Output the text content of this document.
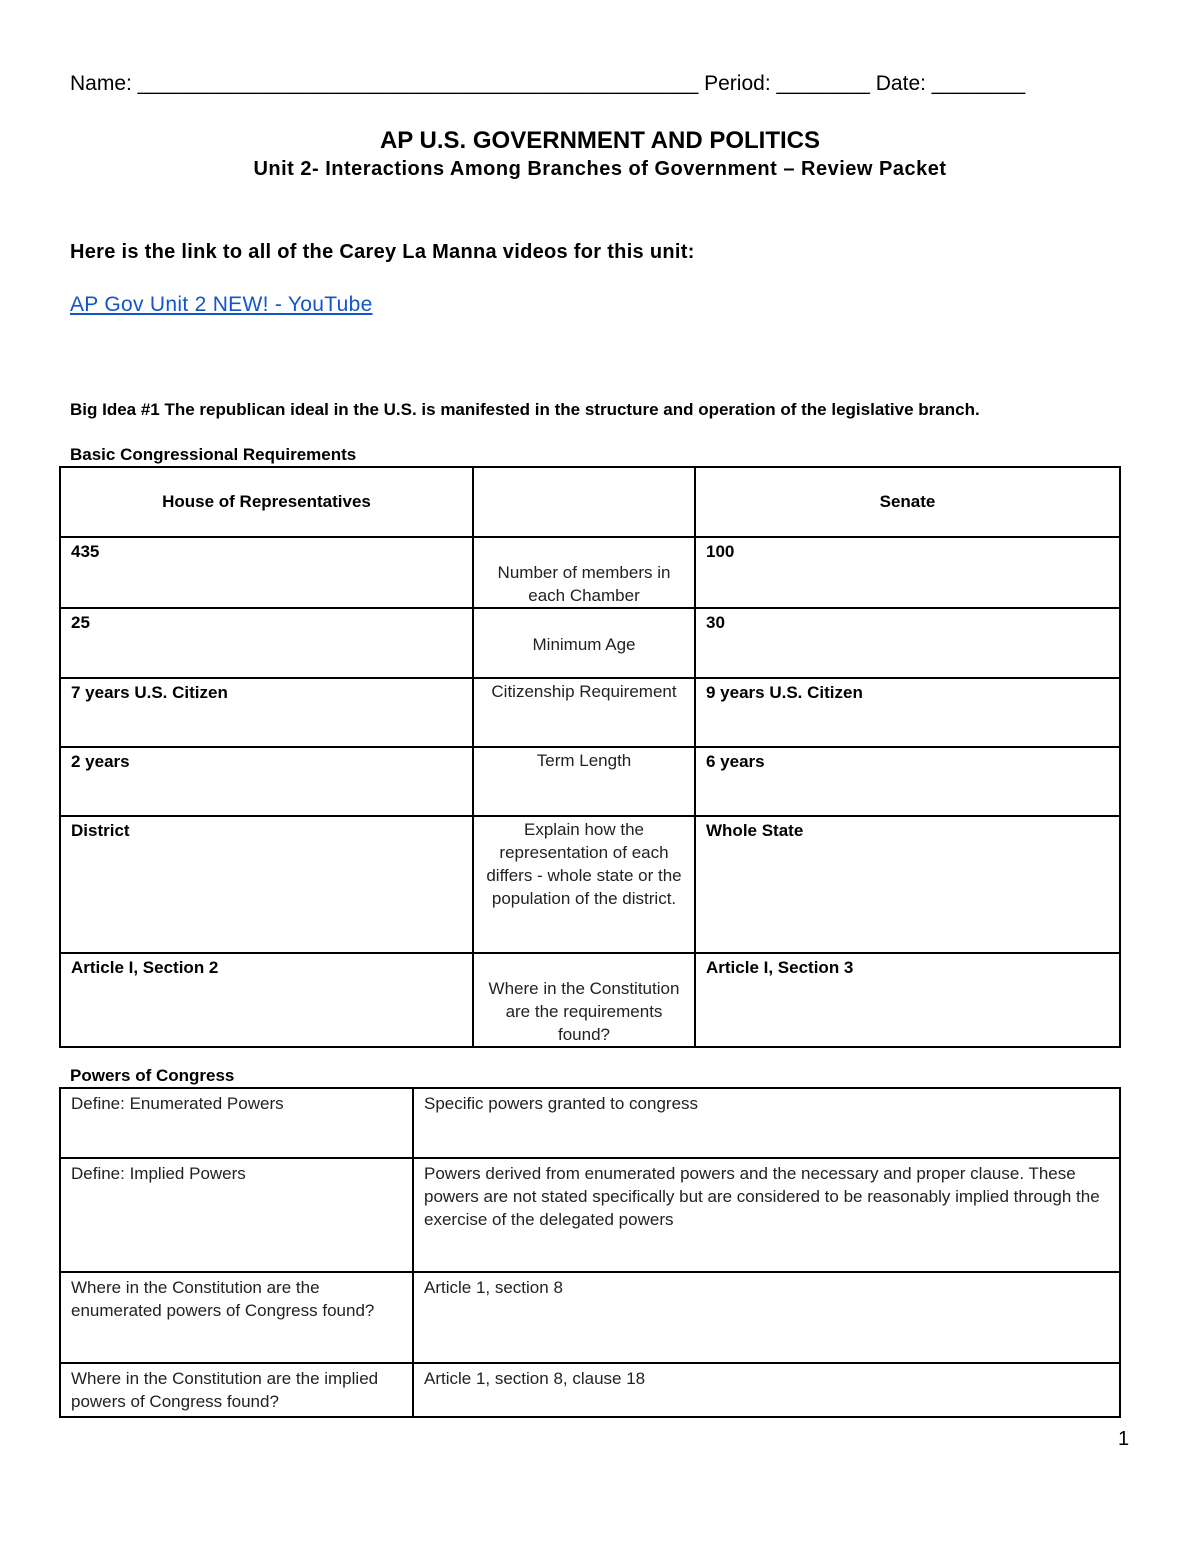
Name: ________________________________________________ Period: ________ Date: ________
AP U.S. GOVERNMENT AND POLITICS
Unit 2- Interactions Among Branches of Government – Review Packet
Here is the link to all of the Carey La Manna videos for this unit:
AP Gov Unit 2 NEW! - YouTube
Big Idea #1 The republican ideal in the U.S. is manifested in the structure and operation of the legislative branch.
Basic Congressional Requirements
House of Representatives		Senate
435	Number of members in each Chamber	100
25	Minimum Age	30
7 years U.S. Citizen	Citizenship Requirement	9 years U.S. Citizen
2 years	Term Length	6 years
District	Explain how the representation of each differs - whole state or the population of the district.	Whole State
Article I, Section 2	Where in the Constitution are the requirements found?	Article I, Section 3
Powers of Congress
Define: Enumerated Powers	Specific powers granted to congress
Define: Implied Powers	Powers derived from enumerated powers and the necessary and proper clause. These powers are not stated specifically but are considered to be reasonably implied through the exercise of the delegated powers
Where in the Constitution are the enumerated powers of Congress found?	Article 1, section 8
Where in the Constitution are the implied powers of Congress found?	Article 1, section 8, clause 18
1
